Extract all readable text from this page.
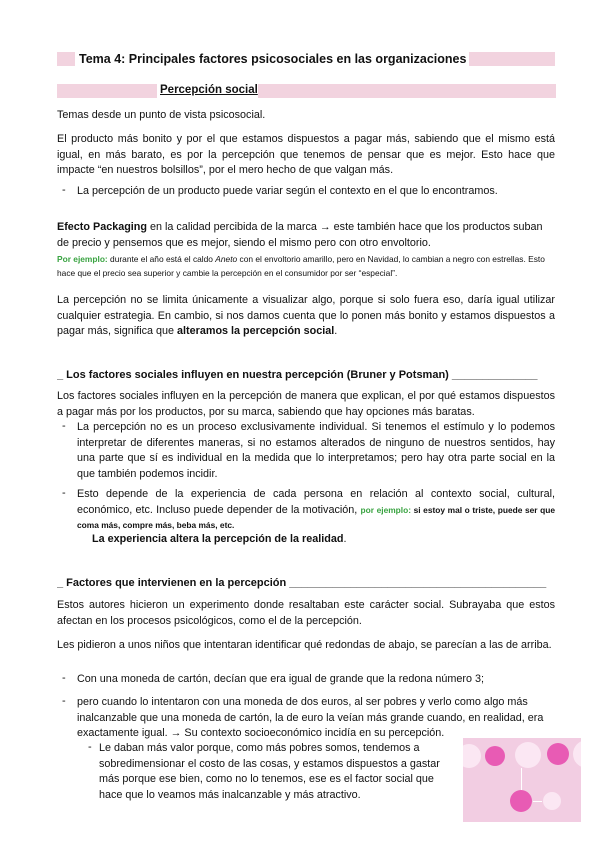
Tema 4: Principales factores psicosociales en las organizaciones
Percepción social

Temas desde un punto de vista psicosocial.

El producto más bonito y por el que estamos dispuestos a pagar más, sabiendo que el mismo está igual, en más barato, es por la percepción que tenemos de pensar que es mejor. Esto hace que impacte “en nuestros bolsillos”, por el mero hecho de que valgan más.

- La percepción de un producto puede variar según el contexto en el que lo encontramos.

Efecto Packaging en la calidad percibida de la marca → este también hace que los productos suban de precio y pensemos que es mejor, siendo el mismo pero con otro envoltorio.

Por ejemplo: durante el año está el caldo Aneto con el envoltorio amarillo, pero en Navidad, lo cambian a negro con estrellas. Esto hace que el precio sea superior y cambie la percepción en el consumidor por ser “especial”.

La percepción no se limita únicamente a visualizar algo, porque si solo fuera eso, daría igual utilizar cualquier estrategia. En cambio, si nos damos cuenta que lo ponen más bonito y estamos dispuestos a pagar más, significa que alteramos la percepción social.

_ Los factores sociales influyen en nuestra percepción (Bruner y Potsman) ______________

Los factores sociales influyen en la percepción de manera que explican, el por qué estamos dispuestos a pagar más por los productos, por su marca, sabiendo que hay opciones más baratas.

- La percepción no es un proceso exclusivamente individual. Si tenemos el estímulo y lo podemos interpretar de diferentes maneras, si no estamos alterados de ninguno de nuestros sentidos, hay una parte que sí es individual en la medida que lo interpretamos; pero hay otra parte social en la que también podemos incidir.

- Esto depende de la experiencia de cada persona en relación al contexto social, cultural, económico, etc. Incluso puede depender de la motivación, por ejemplo: si estoy mal o triste, puede ser que coma más, compre más, beba más, etc.

La experiencia altera la percepción de la realidad.

_ Factores que intervienen en la percepción __________________________________________

Estos autores hicieron un experimento donde resaltaban este carácter social. Subrayaba que estos afectan en los procesos psicológicos, como el de la percepción.

Les pidieron a unos niños que intentaran identificar qué redondas de abajo, se parecían a las de arriba.

- Con una moneda de cartón, decían que era igual de grande que la redona número 3;

- pero cuando lo intentaron con una moneda de dos euros, al ser pobres y verlo como algo más inalcanzable que una moneda de cartón, la de euro la veían más grande cuando, en realidad, era exactamente igual. → Su contexto socioeconómico incidía en su percepción.

- Le daban más valor porque, como más pobres somos, tendemos a sobredimensionar el costo de las cosas, y estamos dispuestos a gastar más porque ese bien, como no lo tenemos, ese es el factor social que hace que lo veamos más inalcanzable y más atractivo.
